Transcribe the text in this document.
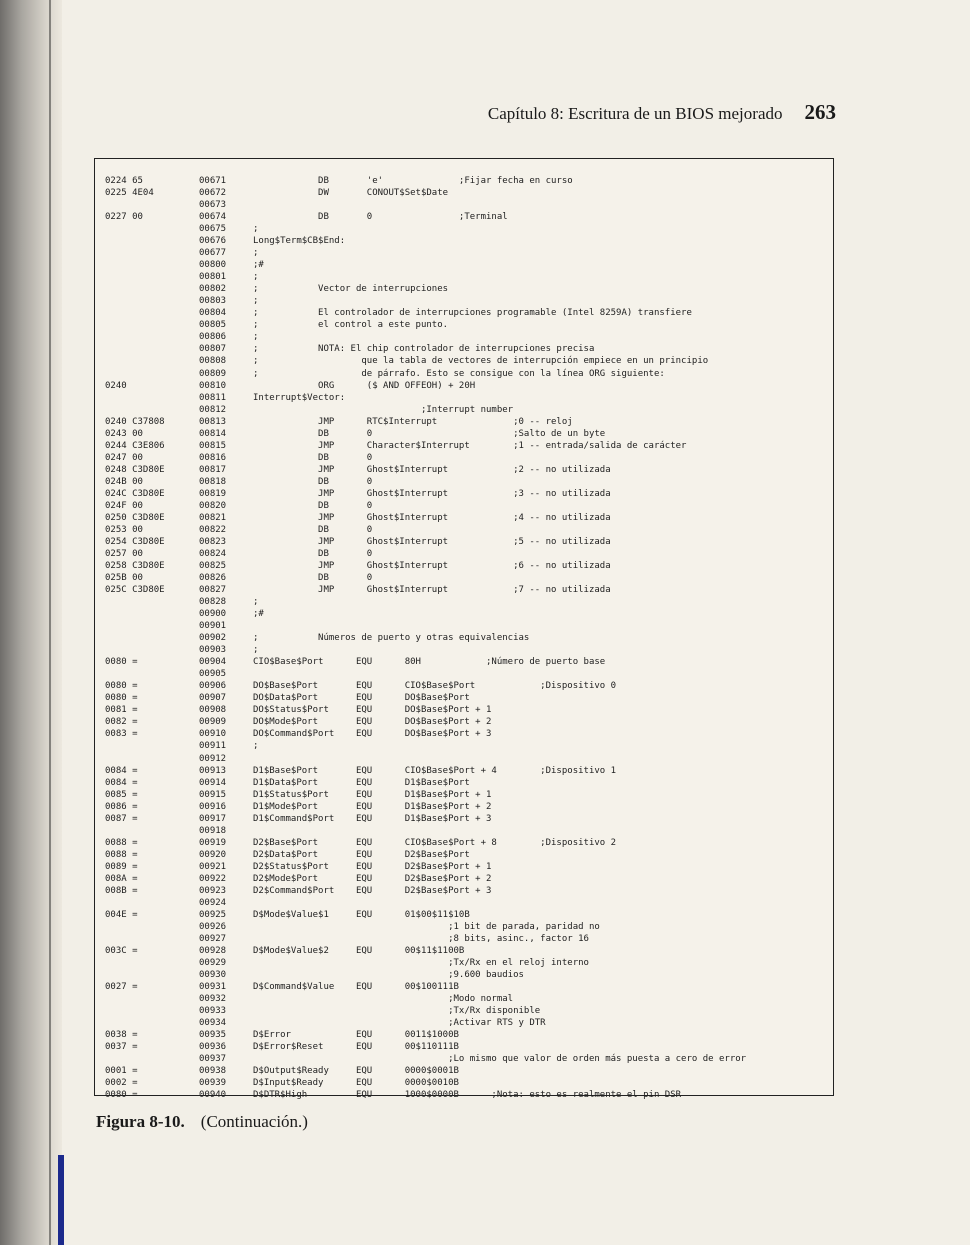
Capítulo 8: Escritura de un BIOS mejorado 263
0224 65	00671	DB       'e'              ;Fijar fecha en curso
0225 4E04	00672	DW       CONOUT$Set$Date
00673
0227 00	00674	DB       0                ;Terminal
00675	;
00676	Long$Term$CB$End:
00677	;
00800	;#
00801	;
00802	;           Vector de interrupciones
00803	;
00804	;           El controlador de interrupciones programable (Intel 8259A) transfiere
00805	;           el control a este punto.
00806	;
00807	;           NOTA: El chip controlador de interrupciones precisa
00808	;                   que la tabla de vectores de interrupción empiece en un principio
00809	;                   de párrafo. Esto se consigue con la línea ORG siguiente:
0240	00810	ORG      ($ AND OFFEOH) + 20H
00811	Interrupt$Vector:
00812	;Interrupt number
0240 C37808	00813	JMP      RTC$Interrupt              ;0 -- reloj
0243 00	00814	DB       0                          ;Salto de un byte
0244 C3E806	00815	JMP      Character$Interrupt        ;1 -- entrada/salida de carácter
0247 00	00816	DB       0
0248 C3D80E	00817	JMP      Ghost$Interrupt            ;2 -- no utilizada
024B 00	00818	DB       0
024C C3D80E	00819	JMP      Ghost$Interrupt            ;3 -- no utilizada
024F 00	00820	DB       0
0250 C3D80E	00821	JMP      Ghost$Interrupt            ;4 -- no utilizada
0253 00	00822	DB       0
0254 C3D80E	00823	JMP      Ghost$Interrupt            ;5 -- no utilizada
0257 00	00824	DB       0
0258 C3D80E	00825	JMP      Ghost$Interrupt            ;6 -- no utilizada
025B 00	00826	DB       0
025C C3D80E	00827	JMP      Ghost$Interrupt            ;7 -- no utilizada
00828	;
00900	;#
00901
00902	;           Números de puerto y otras equivalencias
00903	;
0080 =	00904	CIO$Base$Port      EQU      80H            ;Número de puerto base
00905
0080 =	00906	DO$Base$Port       EQU      CIO$Base$Port            ;Dispositivo 0
0080 =	00907	DO$Data$Port       EQU      DO$Base$Port
0081 =	00908	DO$Status$Port     EQU      DO$Base$Port + 1
0082 =	00909	DO$Mode$Port       EQU      DO$Base$Port + 2
0083 =	00910	DO$Command$Port    EQU      DO$Base$Port + 3
00911	;
00912
0084 =	00913	D1$Base$Port       EQU      CIO$Base$Port + 4        ;Dispositivo 1
0084 =	00914	D1$Data$Port       EQU      D1$Base$Port
0085 =	00915	D1$Status$Port     EQU      D1$Base$Port + 1
0086 =	00916	D1$Mode$Port       EQU      D1$Base$Port + 2
0087 =	00917	D1$Command$Port    EQU      D1$Base$Port + 3
00918
0088 =	00919	D2$Base$Port       EQU      CIO$Base$Port + 8        ;Dispositivo 2
0088 =	00920	D2$Data$Port       EQU      D2$Base$Port
0089 =	00921	D2$Status$Port     EQU      D2$Base$Port + 1
008A =	00922	D2$Mode$Port       EQU      D2$Base$Port + 2
008B =	00923	D2$Command$Port    EQU      D2$Base$Port + 3
00924
004E =	00925	D$Mode$Value$1     EQU      01$00$11$10B
00926	;1 bit de parada, paridad no
00927	;8 bits, asinc., factor 16
003C =	00928	D$Mode$Value$2     EQU      00$11$1100B
00929	;Tx/Rx en el reloj interno
00930	;9.600 baudios
0027 =	00931	D$Command$Value    EQU      00$100111B
00932	;Modo normal
00933	;Tx/Rx disponible
00934	;Activar RTS y DTR
0038 =	00935	D$Error            EQU      0011$1000B
0037 =	00936	D$Error$Reset      EQU      00$110111B
00937	;Lo mismo que valor de orden más puesta a cero de error
0001 =	00938	D$Output$Ready     EQU      0000$0001B
0002 =	00939	D$Input$Ready      EQU      0000$0010B
0080 =	00940	D$DTR$High         EQU      1000$0000B      ;Nota: esto es realmente el pin DSR
Figura 8-10. (Continuación.)
